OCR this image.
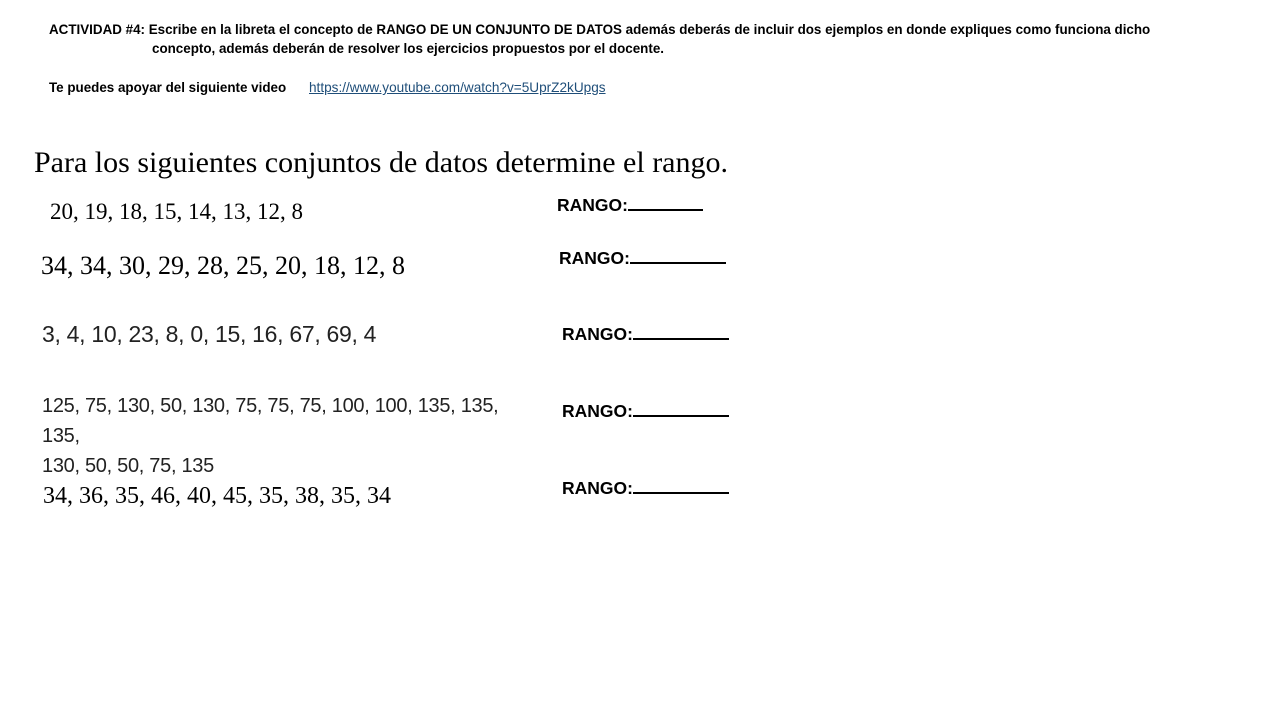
ACTIVIDAD #4: Escribe en la libreta el concepto de RANGO DE UN CONJUNTO DE DATOS además deberás de incluir dos ejemplos en donde expliques como funciona dicho
concepto, además deberán de resolver los ejercicios propuestos por el docente.
Te puedes apoyar del siguiente video https://www.youtube.com/watch?v=5UprZ2kUpgs
Para los siguientes conjuntos de datos determine el rango.
20, 19, 18, 15, 14, 13, 12, 8
34, 34, 30, 29, 28, 25, 20, 18, 12, 8
3, 4, 10, 23, 8, 0, 15, 16, 67, 69, 4
125, 75, 130, 50, 130, 75, 75, 75, 100, 100, 135, 135, 135,
130, 50, 50, 75, 135
34, 36, 35, 46, 40, 45, 35, 38, 35, 34
RANGO:
RANGO:
RANGO:
RANGO:
RANGO:
